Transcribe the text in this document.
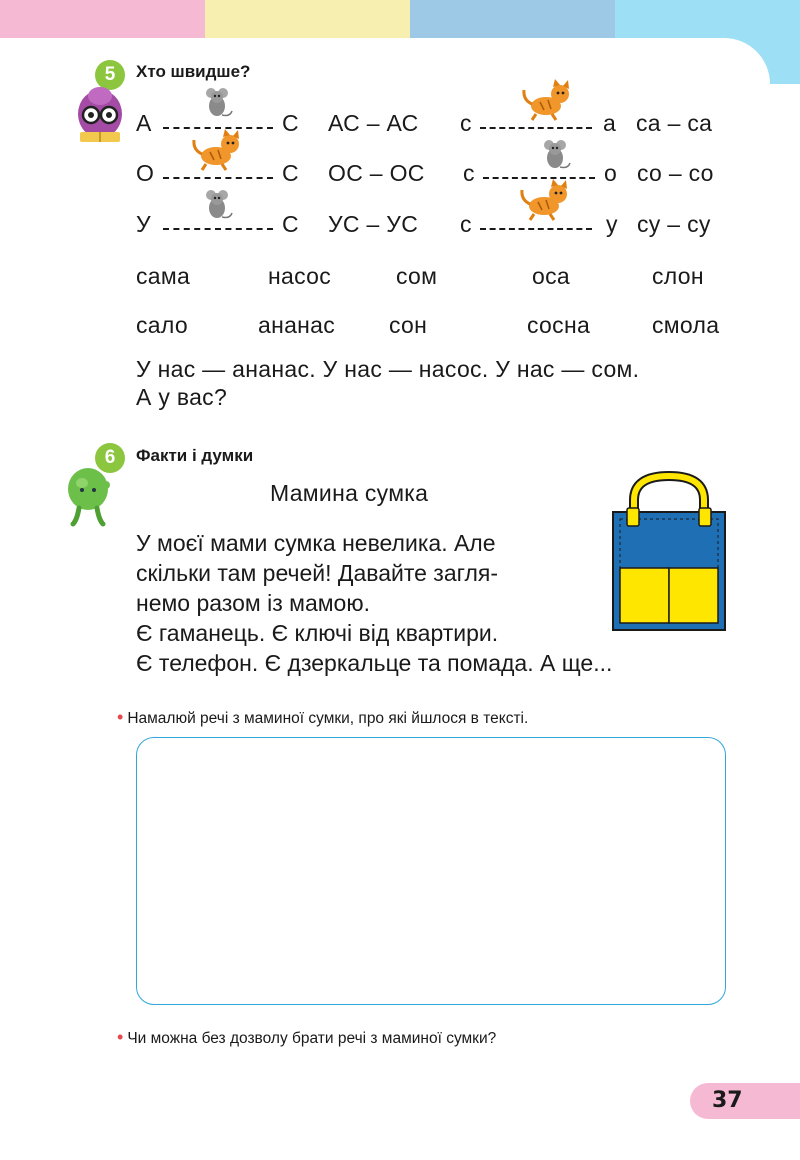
5	Хто швидше?
А	С АС – АС с	а са – са
О	С ОС – ОС с	о со – со
У	С УС – УС с	у су – су
сама	насос	сом	оса	слон
сало	ананас сон	сосна	смола
У нас — ананас. У нас — насос. У нас — сом.
А у вас?
6	Факти і думки
Мамина сумка
У моєї мами сумка невелика. Але
скільки там речей! Давайте загля-
немо разом із мамою.
Є гаманець. Є ключі від квартири.
Є телефон. Є дзеркальце та помада. А ще...
• Намалюй речі з маминої сумки, про які йшлося в тексті.
• Чи можна без дозволу брати речі з маминої сумки?
37
